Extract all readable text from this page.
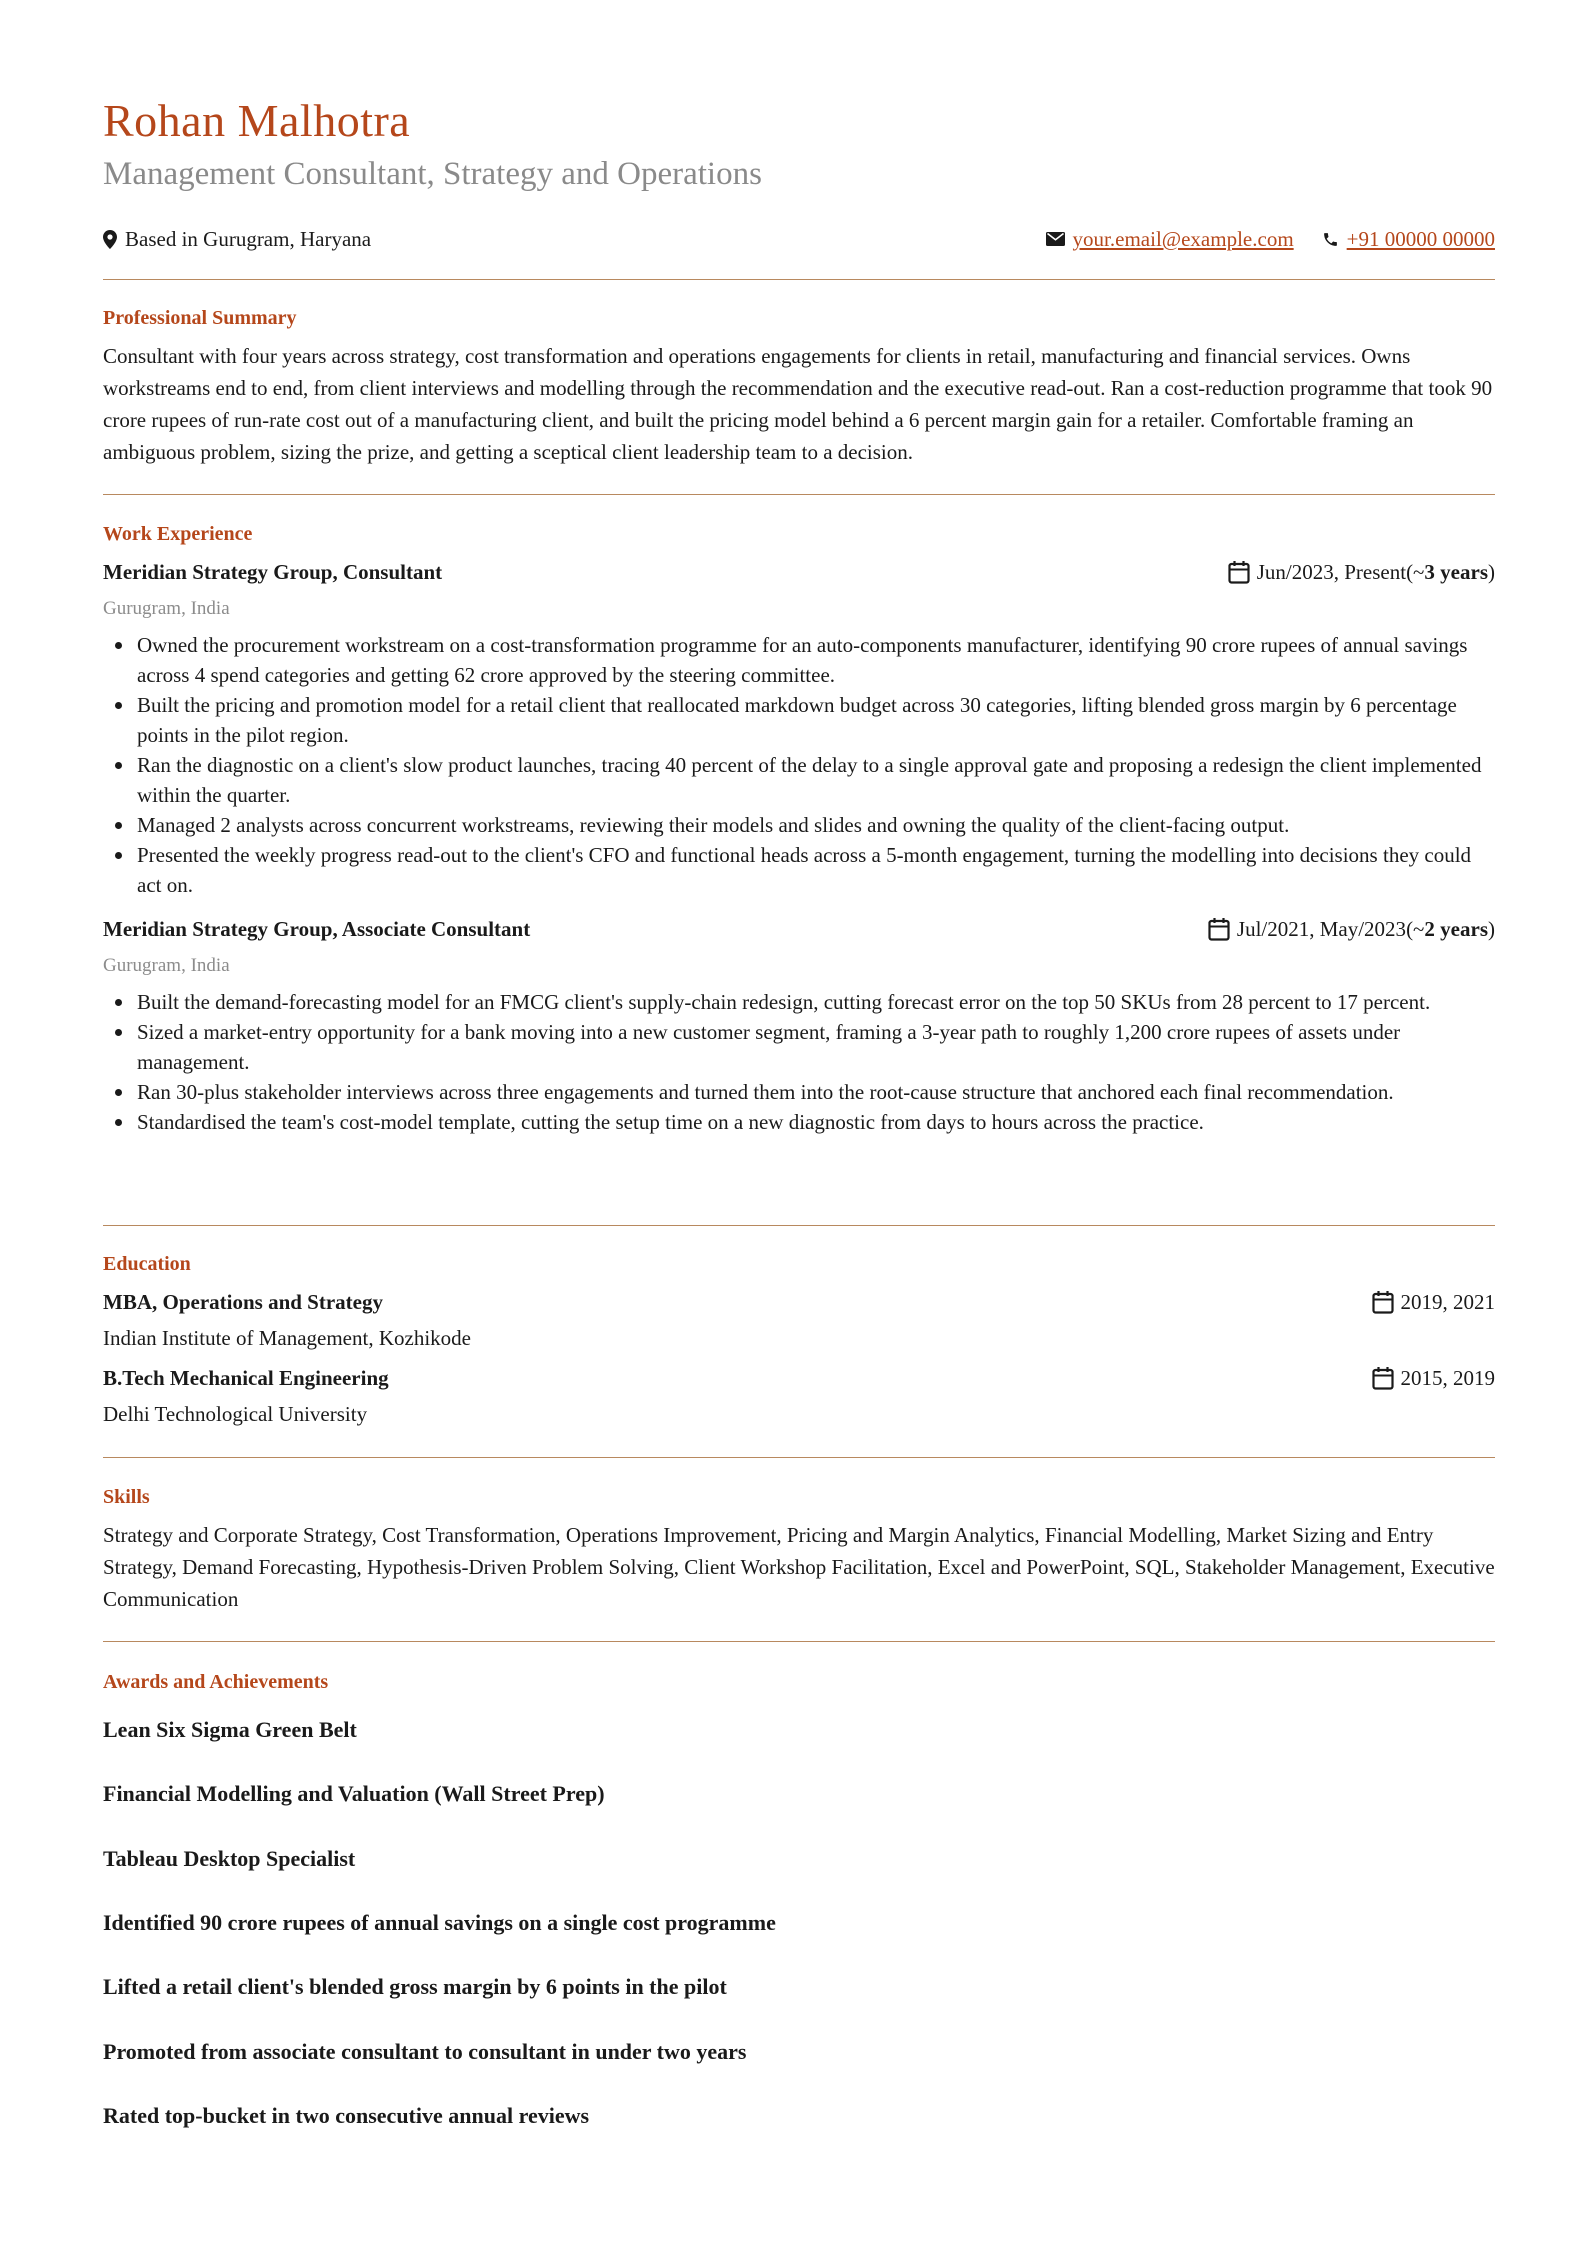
Rohan Malhotra
Management Consultant, Strategy and Operations
Based in Gurugram, Haryana	your.email@example.com	+91 00000 00000
Professional Summary
Consultant with four years across strategy, cost transformation and operations engagements for clients in retail, manufacturing and financial services. Owns workstreams end to end, from client interviews and modelling through the recommendation and the executive read-out. Ran a cost-reduction programme that took 90 crore rupees of run-rate cost out of a manufacturing client, and built the pricing model behind a 6 percent margin gain for a retailer. Comfortable framing an ambiguous problem, sizing the prize, and getting a sceptical client leadership team to a decision.
Work Experience
Meridian Strategy Group, Consultant	Jun/2023, Present (~ 3 years )
Gurugram, India
Owned the procurement workstream on a cost-transformation programme for an auto-components manufacturer, identifying 90 crore rupees of annual savings across 4 spend categories and getting 62 crore approved by the steering committee.
Built the pricing and promotion model for a retail client that reallocated markdown budget across 30 categories, lifting blended gross margin by 6 percentage points in the pilot region.
Ran the diagnostic on a client's slow product launches, tracing 40 percent of the delay to a single approval gate and proposing a redesign the client implemented within the quarter.
Managed 2 analysts across concurrent workstreams, reviewing their models and slides and owning the quality of the client-facing output.
Presented the weekly progress read-out to the client's CFO and functional heads across a 5-month engagement, turning the modelling into decisions they could act on.
Meridian Strategy Group, Associate Consultant	Jul/2021, May/2023 (~ 2 years )
Gurugram, India
Built the demand-forecasting model for an FMCG client's supply-chain redesign, cutting forecast error on the top 50 SKUs from 28 percent to 17 percent.
Sized a market-entry opportunity for a bank moving into a new customer segment, framing a 3-year path to roughly 1,200 crore rupees of assets under management.
Ran 30-plus stakeholder interviews across three engagements and turned them into the root-cause structure that anchored each final recommendation.
Standardised the team's cost-model template, cutting the setup time on a new diagnostic from days to hours across the practice.
Education
MBA, Operations and Strategy	2019, 2021
Indian Institute of Management, Kozhikode
B.Tech Mechanical Engineering	2015, 2019
Delhi Technological University
Skills
Strategy and Corporate Strategy, Cost Transformation, Operations Improvement, Pricing and Margin Analytics, Financial Modelling, Market Sizing and Entry Strategy, Demand Forecasting, Hypothesis-Driven Problem Solving, Client Workshop Facilitation, Excel and PowerPoint, SQL, Stakeholder Management, Executive Communication
Awards and Achievements
Lean Six Sigma Green Belt
Financial Modelling and Valuation (Wall Street Prep)
Tableau Desktop Specialist
Identified 90 crore rupees of annual savings on a single cost programme
Lifted a retail client's blended gross margin by 6 points in the pilot
Promoted from associate consultant to consultant in under two years
Rated top-bucket in two consecutive annual reviews
